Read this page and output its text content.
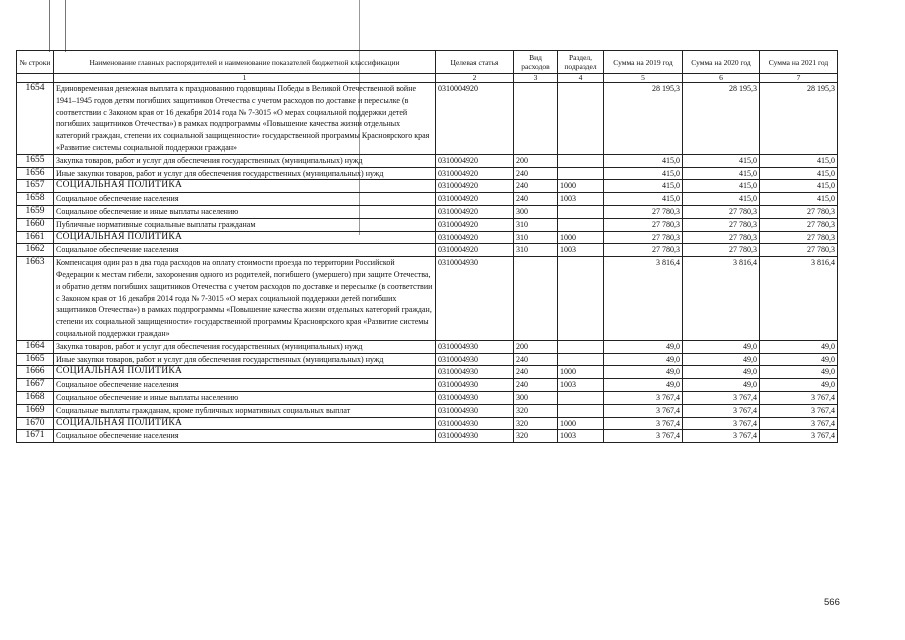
№ строки	Наименование главных распорядителей и наименование показателей бюджетной классификации	Целевая статья	Вид расходов	Раздел, подраздел	Сумма на 2019 год	Сумма на 2020 год	Сумма на 2021 год
	1	2	3	4	5	6	7
1654	Единовременная денежная выплата к празднованию годовщины Победы в Великой Отечественной войне 1941–1945 годов детям погибших защитников Отечества с учетом расходов по доставке и пересылке (в соответствии с Законом края от 16 декабря 2014 года № 7-3015 «О мерах социальной поддержки детей погибших защитников Отечества») в рамках подпрограммы «Повышение качества жизни отдельных категорий граждан, степени их социальной защищенности» государственной программы Красноярского края «Развитие системы социальной поддержки граждан»	0310004920			28 195,3	28 195,3	28 195,3
1655	Закупка товаров, работ и услуг для обеспечения государственных (муниципальных) нужд	0310004920	200		415,0	415,0	415,0
1656	Иные закупки товаров, работ и услуг для обеспечения государственных (муниципальных) нужд	0310004920	240		415,0	415,0	415,0
1657	СОЦИАЛЬНАЯ ПОЛИТИКА	0310004920	240	1000	415,0	415,0	415,0
1658	Социальное обеспечение населения	0310004920	240	1003	415,0	415,0	415,0
1659	Социальное обеспечение и иные выплаты населению	0310004920	300		27 780,3	27 780,3	27 780,3
1660	Публичные нормативные социальные выплаты гражданам	0310004920	310		27 780,3	27 780,3	27 780,3
1661	СОЦИАЛЬНАЯ ПОЛИТИКА	0310004920	310	1000	27 780,3	27 780,3	27 780,3
1662	Социальное обеспечение населения	0310004920	310	1003	27 780,3	27 780,3	27 780,3
1663	Компенсация один раз в два года расходов на оплату стоимости проезда по территории Российской Федерации к местам гибели, захоронения одного из родителей, погибшего (умершего) при защите Отечества, и обратно детям погибших защитников Отечества с учетом расходов по доставке и пересылке (в соответствии с Законом края от 16 декабря 2014 года № 7-3015 «О мерах социальной поддержки детей погибших защитников Отечества») в рамках подпрограммы «Повышение качества жизни отдельных категорий граждан, степени их социальной защищенности» государственной программы Красноярского края «Развитие системы социальной поддержки граждан»	0310004930			3 816,4	3 816,4	3 816,4
1664	Закупка товаров, работ и услуг для обеспечения государственных (муниципальных) нужд	0310004930	200		49,0	49,0	49,0
1665	Иные закупки товаров, работ и услуг для обеспечения государственных (муниципальных) нужд	0310004930	240		49,0	49,0	49,0
1666	СОЦИАЛЬНАЯ ПОЛИТИКА	0310004930	240	1000	49,0	49,0	49,0
1667	Социальное обеспечение населения	0310004930	240	1003	49,0	49,0	49,0
1668	Социальное обеспечение и иные выплаты населению	0310004930	300		3 767,4	3 767,4	3 767,4
1669	Социальные выплаты гражданам, кроме публичных нормативных социальных выплат	0310004930	320		3 767,4	3 767,4	3 767,4
1670	СОЦИАЛЬНАЯ ПОЛИТИКА	0310004930	320	1000	3 767,4	3 767,4	3 767,4
1671	Социальное обеспечение населения	0310004930	320	1003	3 767,4	3 767,4	3 767,4
566
